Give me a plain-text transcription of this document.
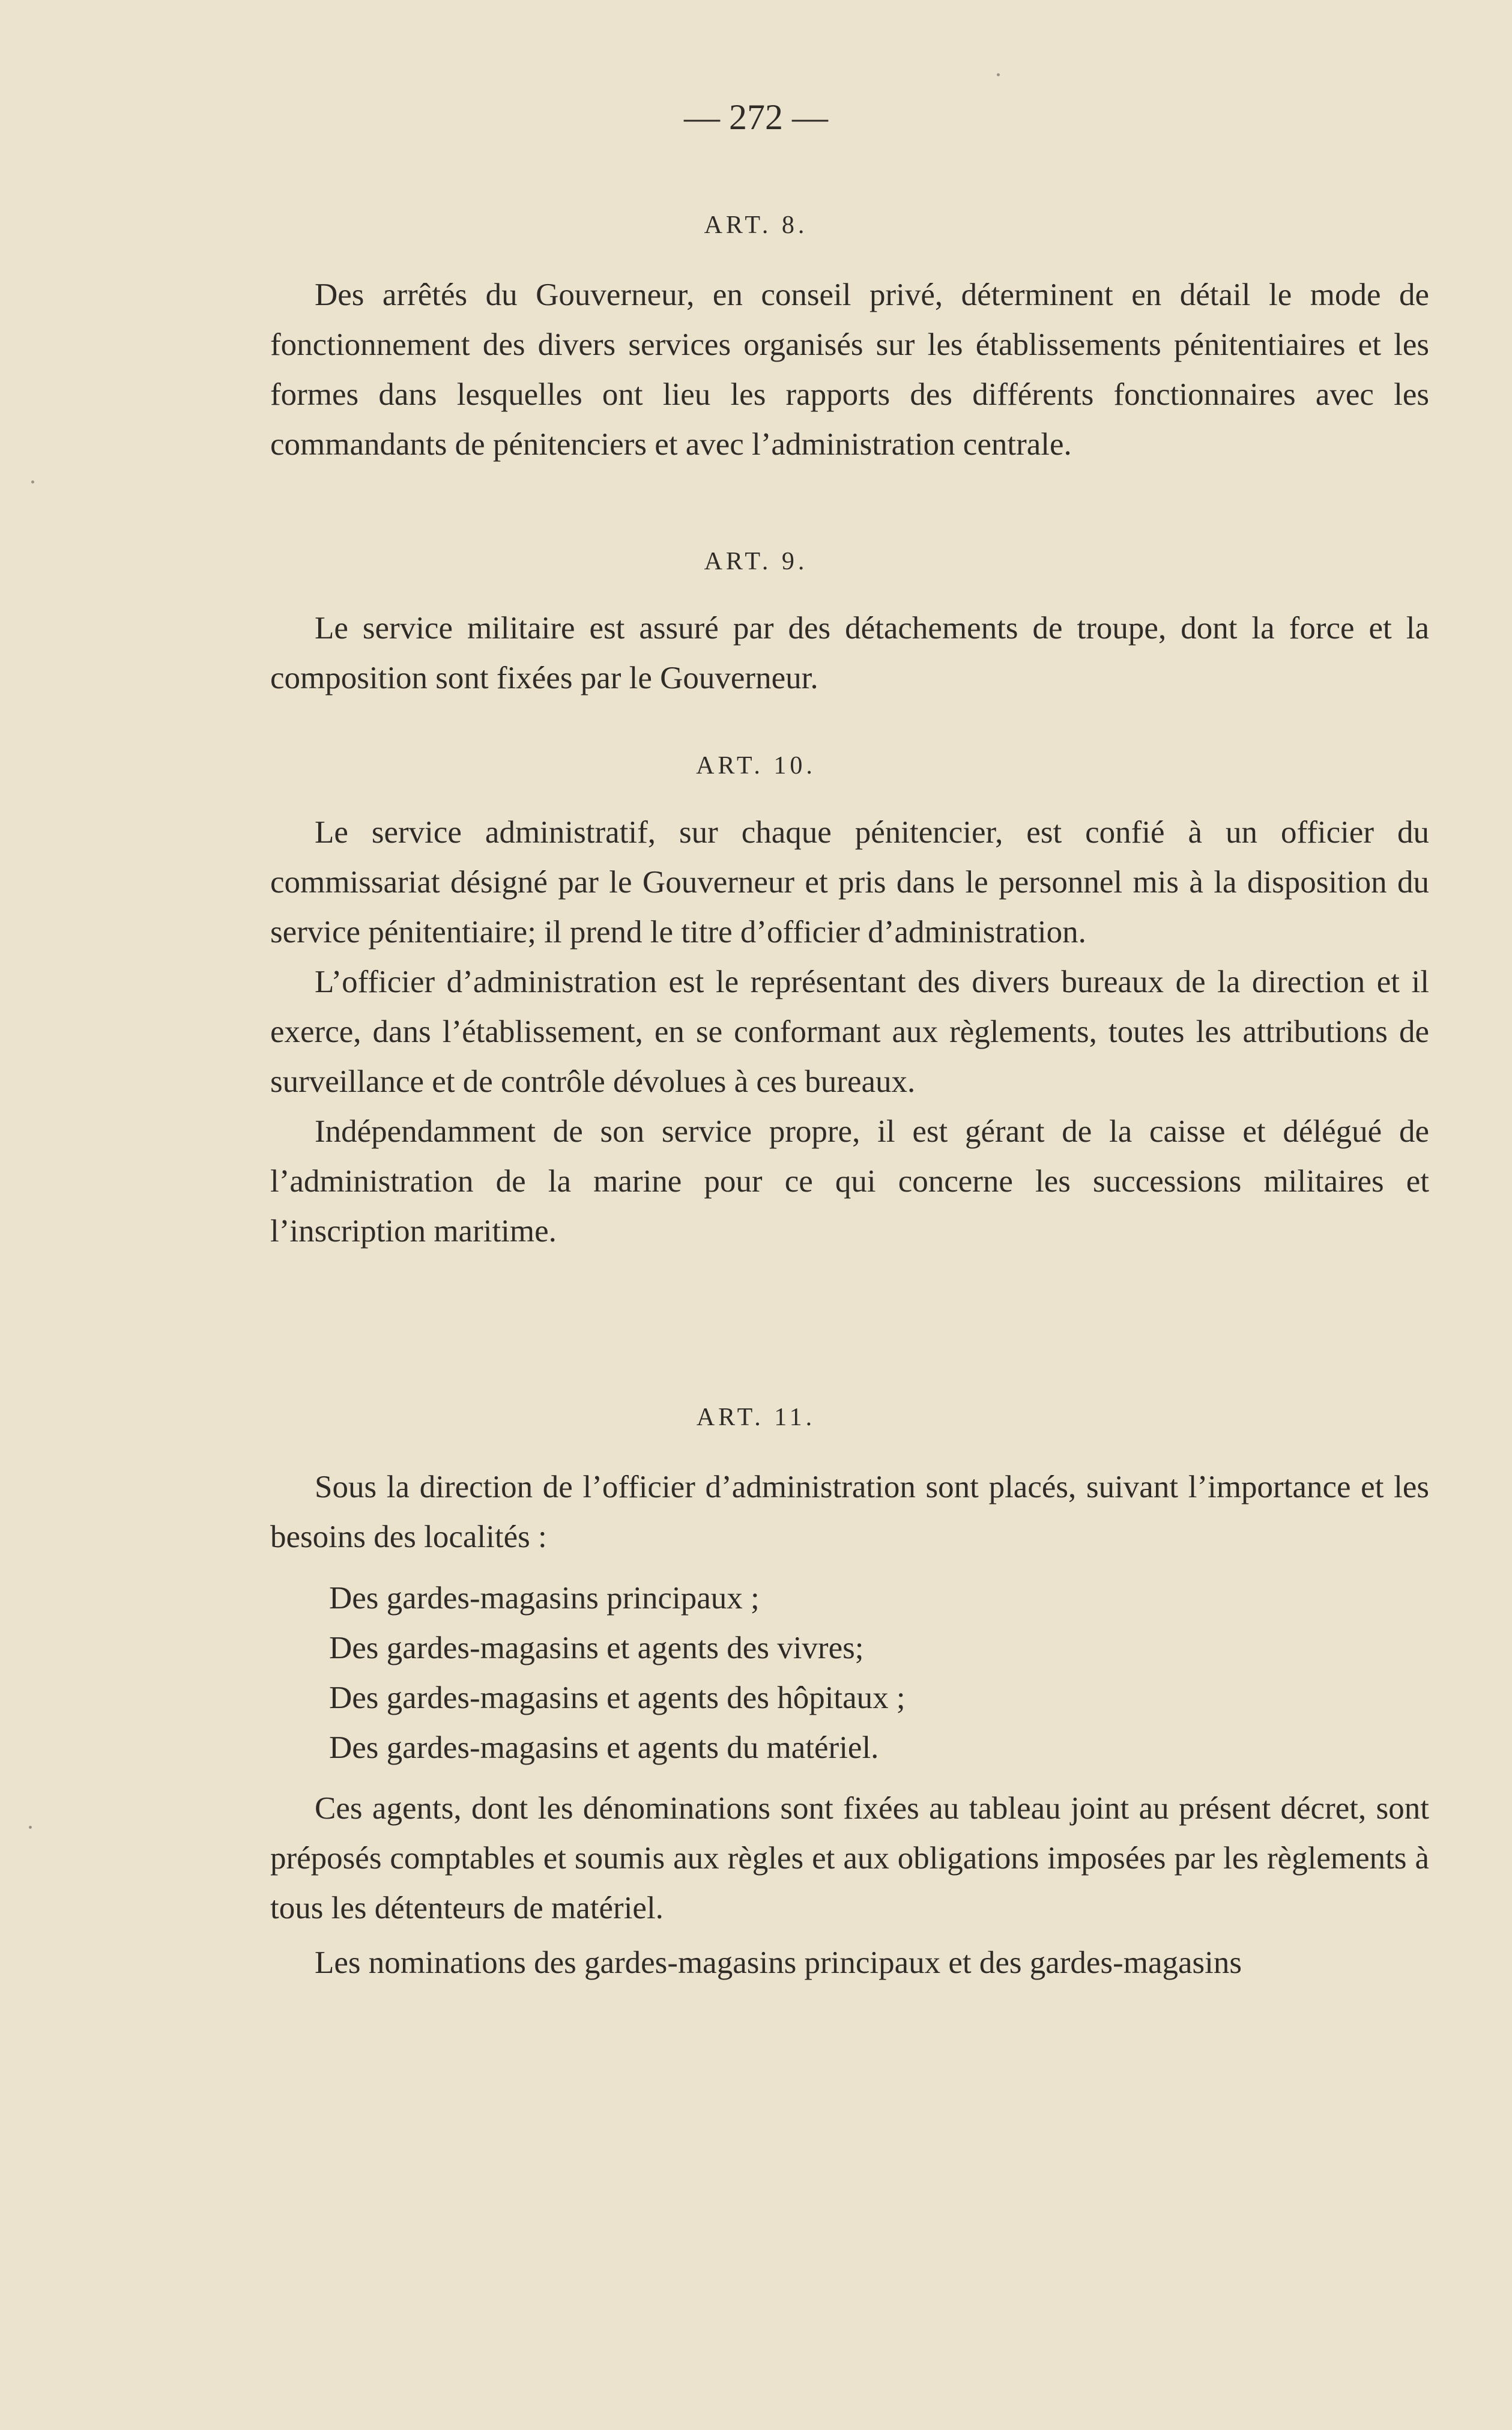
— 272 —
ART. 8.

Des arrêtés du Gouverneur, en conseil privé, déterminent en détail le mode de fonctionnement des divers services organisés sur les établissements pénitentiaires et les formes dans lesquelles ont lieu les rapports des différents fonctionnaires avec les commandants de pénitenciers et avec l’administration centrale.

ART. 9.

Le service militaire est assuré par des détachements de troupe, dont la force et la composition sont fixées par le Gouverneur.

ART. 10.

Le service administratif, sur chaque pénitencier, est confié à un officier du commissariat désigné par le Gouverneur et pris dans le personnel mis à la disposition du service pénitentiaire; il prend le titre d’officier d’administration.

L’officier d’administration est le représentant des divers bureaux de la direction et il exerce, dans l’établissement, en se conformant aux règlements, toutes les attributions de surveillance et de contrôle dévolues à ces bureaux.

Indépendamment de son service propre, il est gérant de la caisse et délégué de l’administration de la marine pour ce qui concerne les successions militaires et l’inscription maritime.

ART. 11.

Sous la direction de l’officier d’administration sont placés, suivant l’importance et les besoins des localités :

Des gardes-magasins principaux ;
Des gardes-magasins et agents des vivres;
Des gardes-magasins et agents des hôpitaux ;
Des gardes-magasins et agents du matériel.

Ces agents, dont les dénominations sont fixées au tableau joint au présent décret, sont préposés comptables et soumis aux règles et aux obligations imposées par les règlements à tous les détenteurs de matériel.

Les nominations des gardes-magasins principaux et des gardes-magasins
